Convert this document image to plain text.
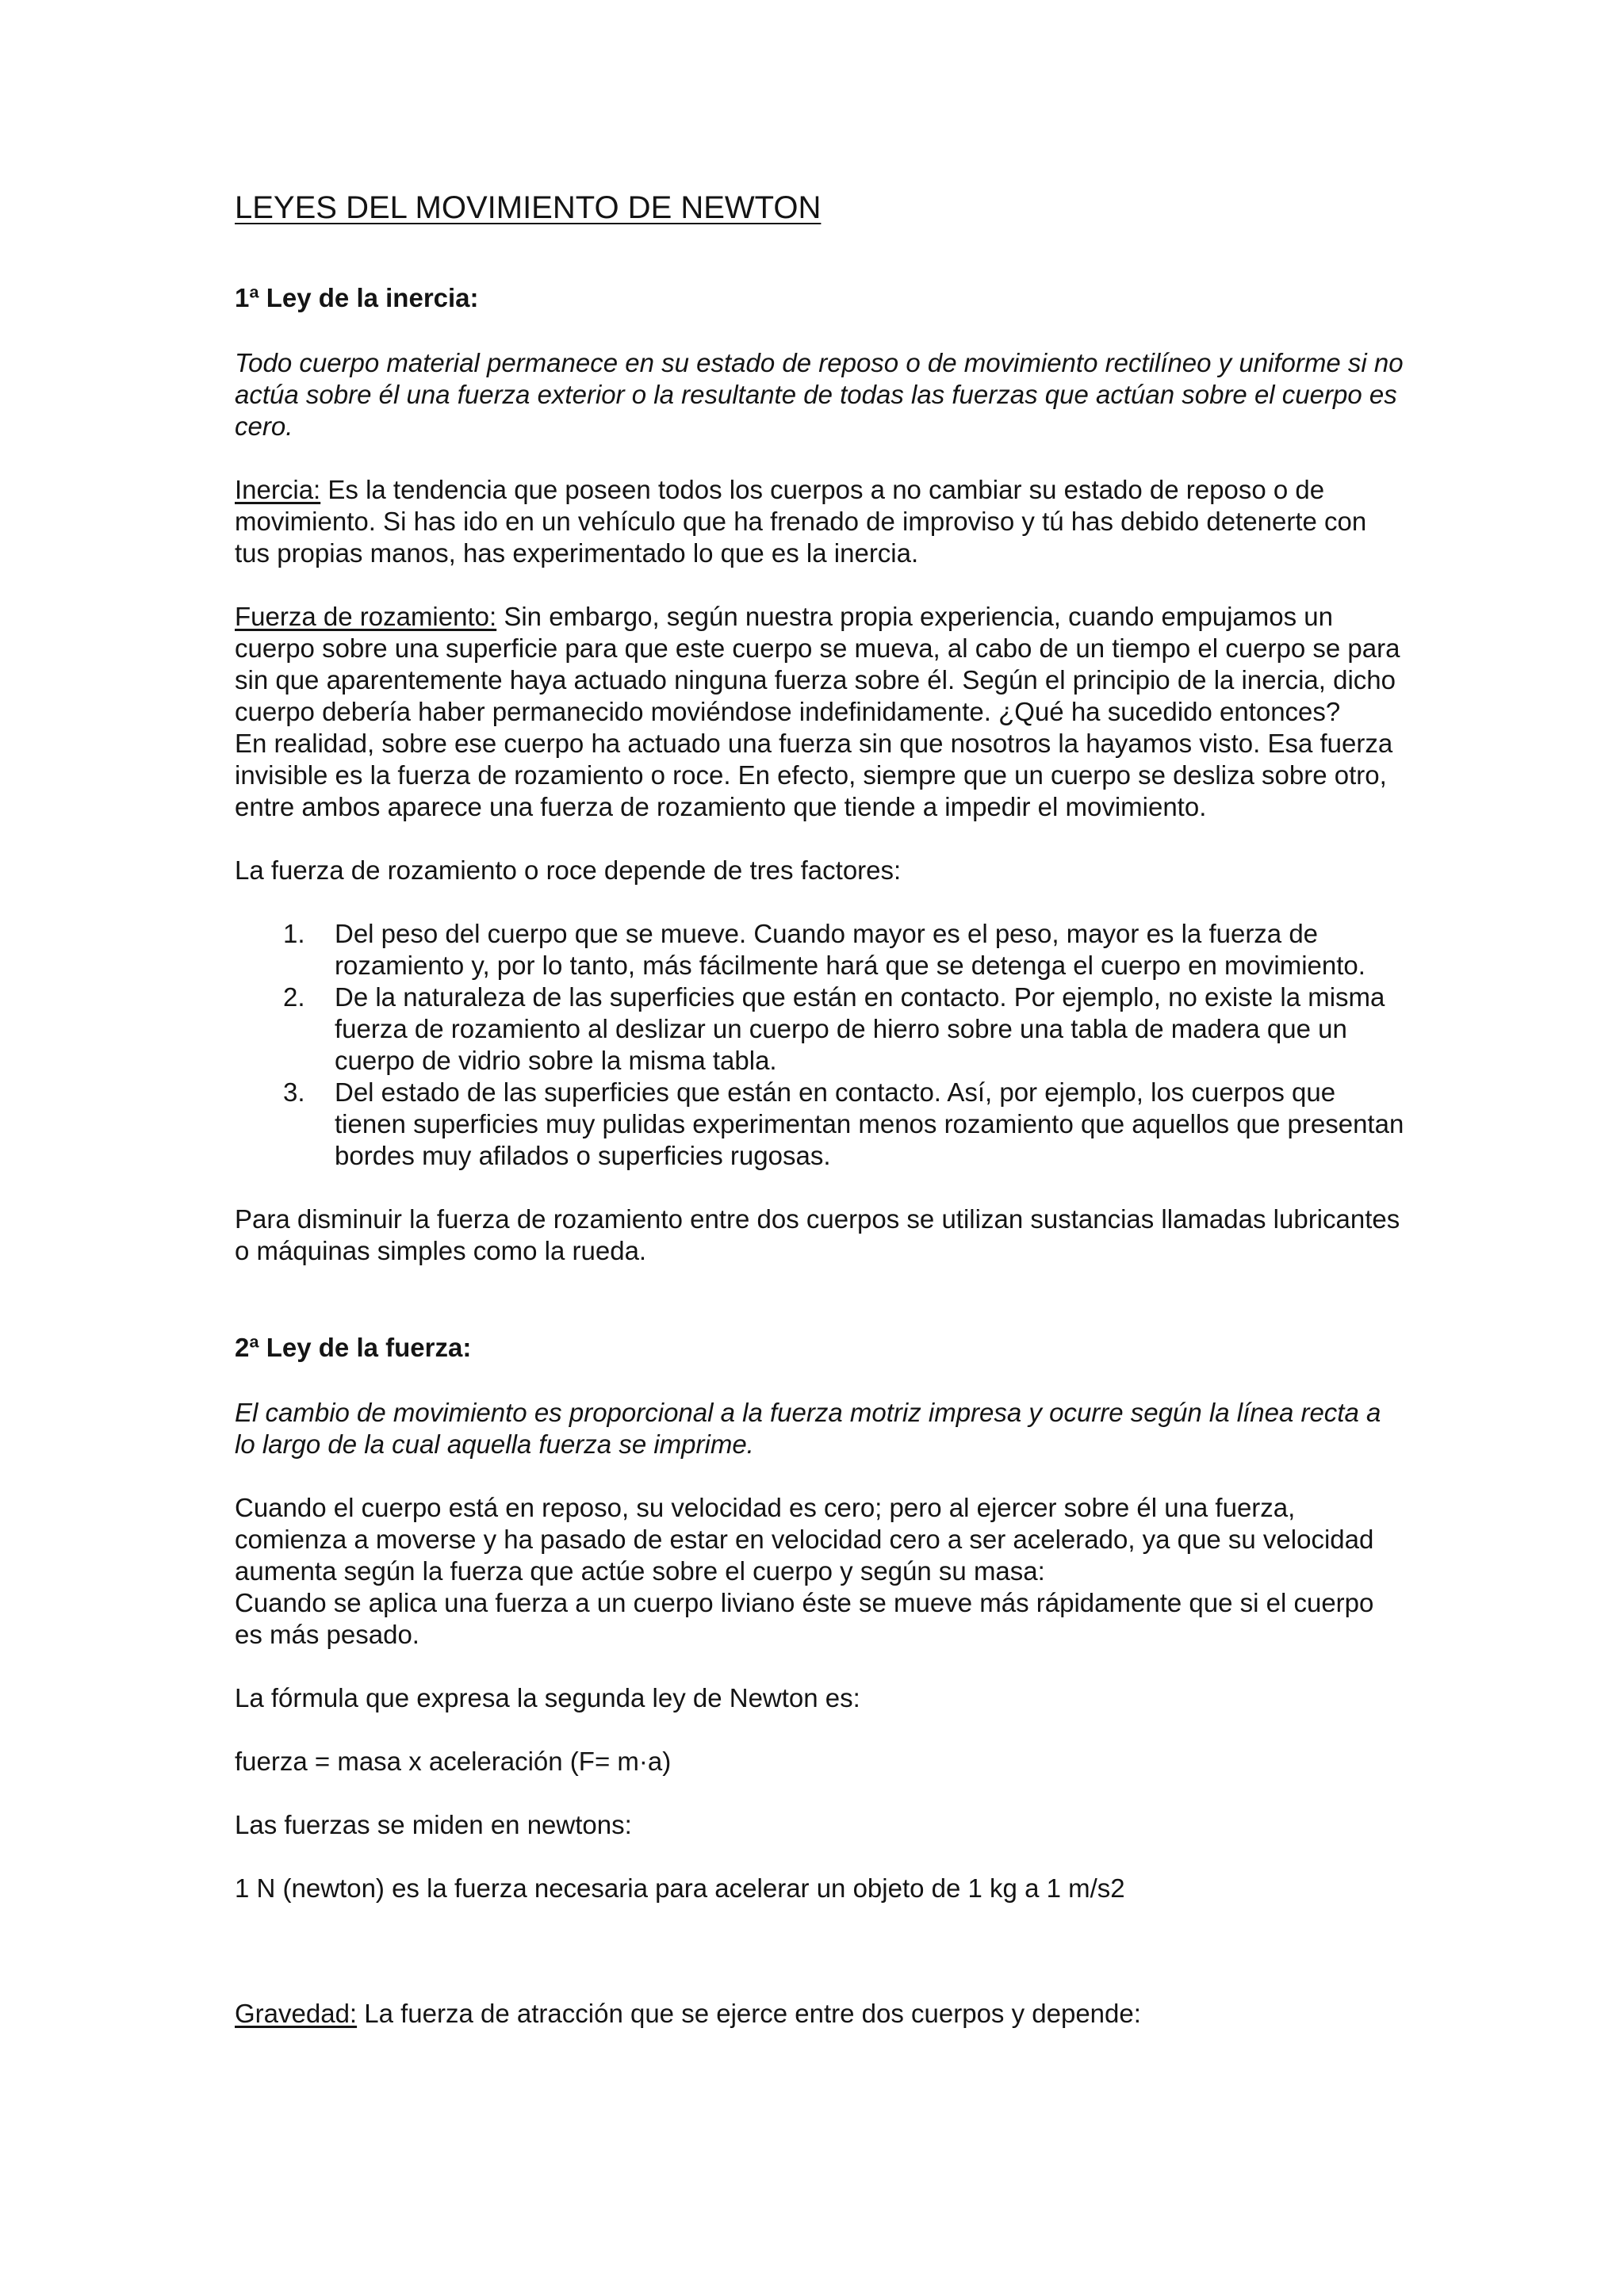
LEYES DEL MOVIMIENTO DE NEWTON
1ª Ley de la inercia:

Todo cuerpo material permanece en su estado de reposo o de movimiento rectilíneo y uniforme si no actúa sobre él una fuerza exterior o la resultante de todas las fuerzas que actúan sobre el cuerpo es cero.

Inercia: Es la tendencia que poseen todos los cuerpos a no cambiar su estado de reposo o de movimiento. Si has ido en un vehículo que ha frenado de improviso y tú has debido detenerte con tus propias manos, has experimentado lo que es la inercia.

Fuerza de rozamiento: Sin embargo, según nuestra propia experiencia, cuando empujamos un cuerpo sobre una superficie para que este cuerpo se mueva, al cabo de un tiempo el cuerpo se para sin que aparentemente haya actuado ninguna fuerza sobre él. Según el principio de la inercia, dicho cuerpo debería haber permanecido moviéndose indefinidamente. ¿Qué ha sucedido entonces?

En realidad, sobre ese cuerpo ha actuado una fuerza sin que nosotros la hayamos visto. Esa fuerza invisible es la fuerza de rozamiento o roce. En efecto, siempre que un cuerpo se desliza sobre otro, entre ambos aparece una fuerza de rozamiento que tiende a impedir el movimiento.

La fuerza de rozamiento o roce depende de tres factores:

1. Del peso del cuerpo que se mueve. Cuando mayor es el peso, mayor es la fuerza de rozamiento y, por lo tanto, más fácilmente hará que se detenga el cuerpo en movimiento.
2. De la naturaleza de las superficies que están en contacto. Por ejemplo, no existe la misma fuerza de rozamiento al deslizar un cuerpo de hierro sobre una tabla de madera que un cuerpo de vidrio sobre la misma tabla.
3. Del estado de las superficies que están en contacto. Así, por ejemplo, los cuerpos que tienen superficies muy pulidas experimentan menos rozamiento que aquellos que presentan bordes muy afilados o superficies rugosas.

Para disminuir la fuerza de rozamiento entre dos cuerpos se utilizan sustancias llamadas lubricantes o máquinas simples como la rueda.

2ª Ley de la fuerza:

El cambio de movimiento es proporcional a la fuerza motriz impresa y ocurre según la línea recta a lo largo de la cual aquella fuerza se imprime.

Cuando el cuerpo está en reposo, su velocidad es cero; pero al ejercer sobre él una fuerza, comienza a moverse y ha pasado de estar en velocidad cero a ser acelerado, ya que su velocidad aumenta según la fuerza que actúe sobre el cuerpo y según su masa:

Cuando se aplica una fuerza a un cuerpo liviano éste se mueve más rápidamente que si el cuerpo es más pesado.

La fórmula que expresa la segunda ley de Newton es:

fuerza = masa x aceleración (F= m·a)

Las fuerzas se miden en newtons:

1 N (newton) es la fuerza necesaria para acelerar un objeto de 1 kg a 1 m/s2

Gravedad: La fuerza de atracción que se ejerce entre dos cuerpos y depende:
